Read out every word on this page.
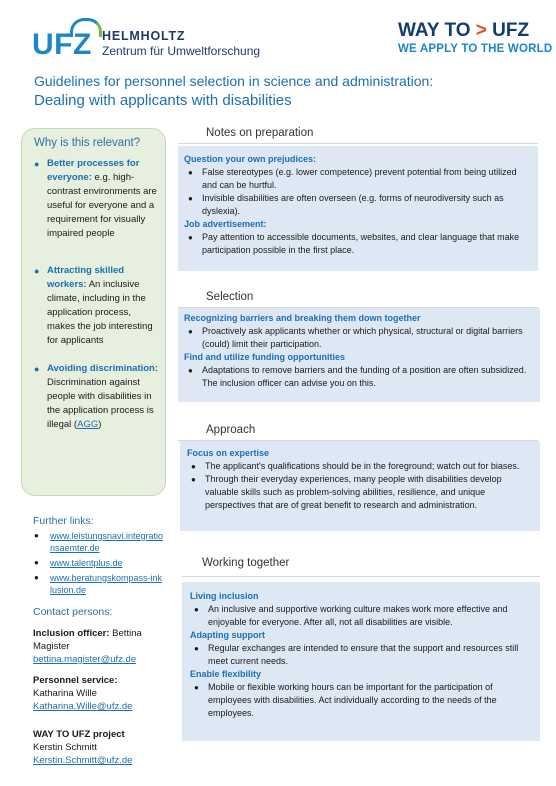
UFZ HELMHOLTZ
Zentrum für Umweltforschung
WAY TO > UFZ
WE APPLY TO THE WORLD
Guidelines for personnel selection in science and administration:
Dealing with applicants with disabilities
Why is this relevant?
● Better processes for everyone: e.g. high-contrast environments are useful for everyone and a requirement for visually impaired people
● Attracting skilled workers: An inclusive climate, including in the application process, makes the job interesting for applicants
● Avoiding discrimination: Discrimination against people with disabilities in the application process is illegal (AGG)
Further links:
● www.leistungsnavi.integrationsaemter.de
● www.talentplus.de
● www.beratungskompass-inklusion.de
Contact persons:
Inclusion officer: Bettina Magister
bettina.magister@ufz.de
Personnel service:
Katharina Wille
Katharina.Wille@ufz.de
WAY TO UFZ project
Kerstin Schmitt
Kerstin.Schmitt@ufz.de
Notes on preparation
Question your own prejudices:
● False stereotypes (e.g. lower competence) prevent potential from being utilized and can be hurtful.
● Invisible disabilities are often overseen (e.g. forms of neurodiversity such as dyslexia).
Job advertisement:
● Pay attention to accessible documents, websites, and clear language that make participation possible in the first place.
Selection
Recognizing barriers and breaking them down together
● Proactively ask applicants whether or which physical, structural or digital barriers (could) limit their participation.
Find and utilize funding opportunities
● Adaptations to remove barriers and the funding of a position are often subsidized. The inclusion officer can advise you on this.
Approach
Focus on expertise
● The applicant's qualifications should be in the foreground; watch out for biases.
● Through their everyday experiences, many people with disabilities develop valuable skills such as problem-solving abilities, resilience, and unique perspectives that are of great benefit to research and administration.
Working together
Living inclusion
● An inclusive and supportive working culture makes work more effective and enjoyable for everyone. After all, not all disabilities are visible.
Adapting support
● Regular exchanges are intended to ensure that the support and resources still meet current needs.
Enable flexibility
● Mobile or flexible working hours can be important for the participation of employees with disabilities. Act individually according to the needs of the employees.
